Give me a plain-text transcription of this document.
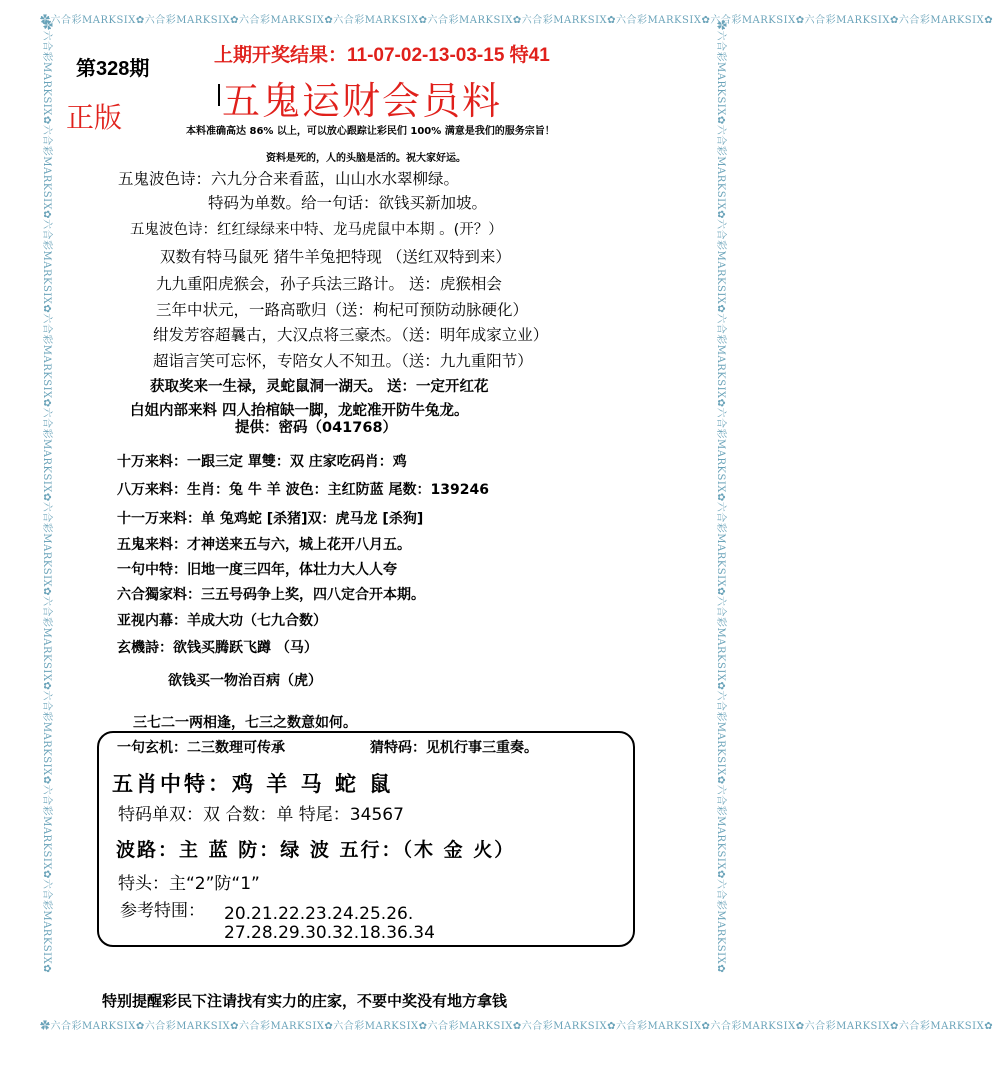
✿六合彩MARKSIX✿六合彩MARKSIX✿六合彩MARKSIX✿六合彩MARKSIX✿六合彩MARKSIX✿六合彩MARKSIX✿六合彩MARKSIX✿六合彩MARKSIX✿六合彩MARKSIX✿六合彩MARKSIX✿
✿六合彩MARKSIX✿六合彩MARKSIX✿六合彩MARKSIX✿六合彩MARKSIX✿六合彩MARKSIX✿六合彩MARKSIX✿六合彩MARKSIX✿六合彩MARKSIX✿六合彩MARKSIX✿六合彩MARKSIX✿
✿六合彩MARKSIX✿六合彩MARKSIX✿六合彩MARKSIX✿六合彩MARKSIX✿六合彩MARKSIX✿六合彩MARKSIX✿六合彩MARKSIX✿六合彩MARKSIX✿六合彩MARKSIX✿六合彩MARKSIX✿	✿六合彩MARKSIX✿六合彩MARKSIX✿六合彩MARKSIX✿六合彩MARKSIX✿六合彩MARKSIX✿六合彩MARKSIX✿六合彩MARKSIX✿六合彩MARKSIX✿六合彩MARKSIX✿六合彩MARKSIX✿
第328期
上期开奖结果：11-07-02-13-03-15 特41
五鬼运财会员料
正版	本料准确高达 86% 以上，可以放心跟踪让彩民们 100% 满意是我们的服务宗旨！
资料是死的，人的头脑是活的。祝大家好运。
五鬼波色诗：六九分合来看蓝，山山水水翠柳绿。
特码为单数。给一句话：欲钱买新加坡。
五鬼波色诗：红红绿绿来中特、龙马虎鼠中本期 。(开？）
双数有特马鼠死 猪牛羊兔把特现 （送红双特到来）
九九重阳虎猴会，孙子兵法三路计。 送：虎猴相会
三年中状元，一路高歌归（送：枸杞可预防动脉硬化）
绀发芳容超曩古，大汉点将三豪杰。（送：明年成家立业）
超诣言笑可忘怀，专陪女人不知丑。（送：九九重阳节）
获取奖来一生禄，灵蛇鼠洞一湖天。 送：一定开红花
白姐内部来料 四人抬棺缺一脚，龙蛇准开防牛兔龙。
提供：密码（041768）
十万来料：一跟三定 單雙：双 庄家吃码肖：鸡
八万来料：生肖：兔 牛 羊 波色：主红防蓝 尾数：139246
十一万来料：单 兔鸡蛇 [杀猪]双：虎马龙 [杀狗]
五鬼来料：才神送来五与六，城上花开八月五。
一句中特：旧地一度三四年，体壮力大人人夸
六合獨家料：三五号码争上奖，四八定合开本期。
亚视内幕：羊成大功（七九合数）
玄機詩：欲钱买腾跃飞蹲 （马）
欲钱买一物治百病（虎）
三七二一两相逢，七三之数意如何。
一句玄机：二三数理可传承	猜特码：见机行事三重奏。
五肖中特：鸡 羊 马 蛇 鼠
特码单双：双 合数：单 特尾：34567
波路：主 蓝 防：绿 波 五行：（木 金 火）
特头：主“2”防“1”
参考特围： 20.21.22.23.24.25.26.
27.28.29.30.32.18.36.34
特别提醒彩民下注请找有实力的庄家，不要中奖没有地方拿钱
